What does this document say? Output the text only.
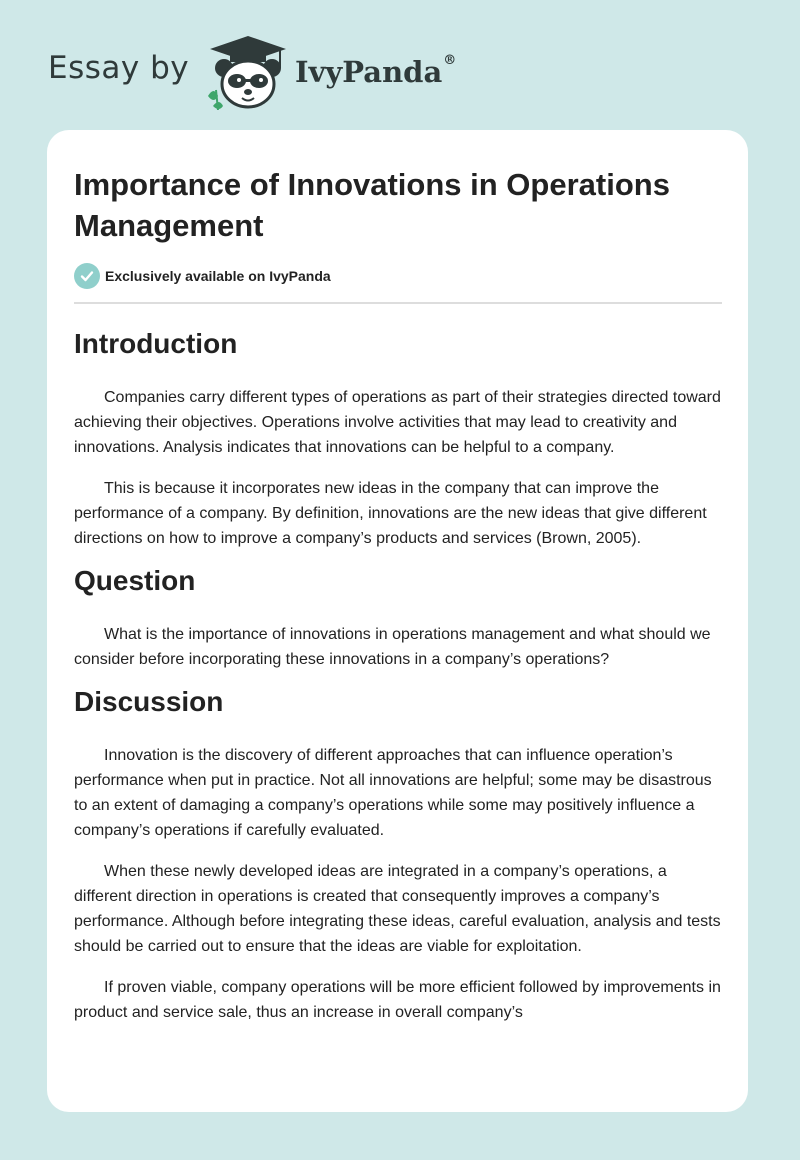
Essay by	IvyPanda®
Importance of Innovations in Operations Management
Exclusively available on IvyPanda
Introduction

Companies carry different types of operations as part of their strategies directed toward achieving their objectives. Operations involve activities that may lead to creativity and innovations. Analysis indicates that innovations can be helpful to a company.

This is because it incorporates new ideas in the company that can improve the performance of a company. By definition, innovations are the new ideas that give different directions on how to improve a company’s products and services (Brown, 2005).

Question

What is the importance of innovations in operations management and what should we consider before incorporating these innovations in a company’s operations?

Discussion

Innovation is the discovery of different approaches that can influence operation’s performance when put in practice. Not all innovations are helpful; some may be disastrous to an extent of damaging a company’s operations while some may positively influence a company’s operations if carefully evaluated.

When these newly developed ideas are integrated in a company’s operations, a different direction in operations is created that consequently improves a company’s performance. Although before integrating these ideas, careful evaluation, analysis and tests should be carried out to ensure that the ideas are viable for exploitation.

If proven viable, company operations will be more efficient followed by improvements in product and service sale, thus an increase in overall company’s
